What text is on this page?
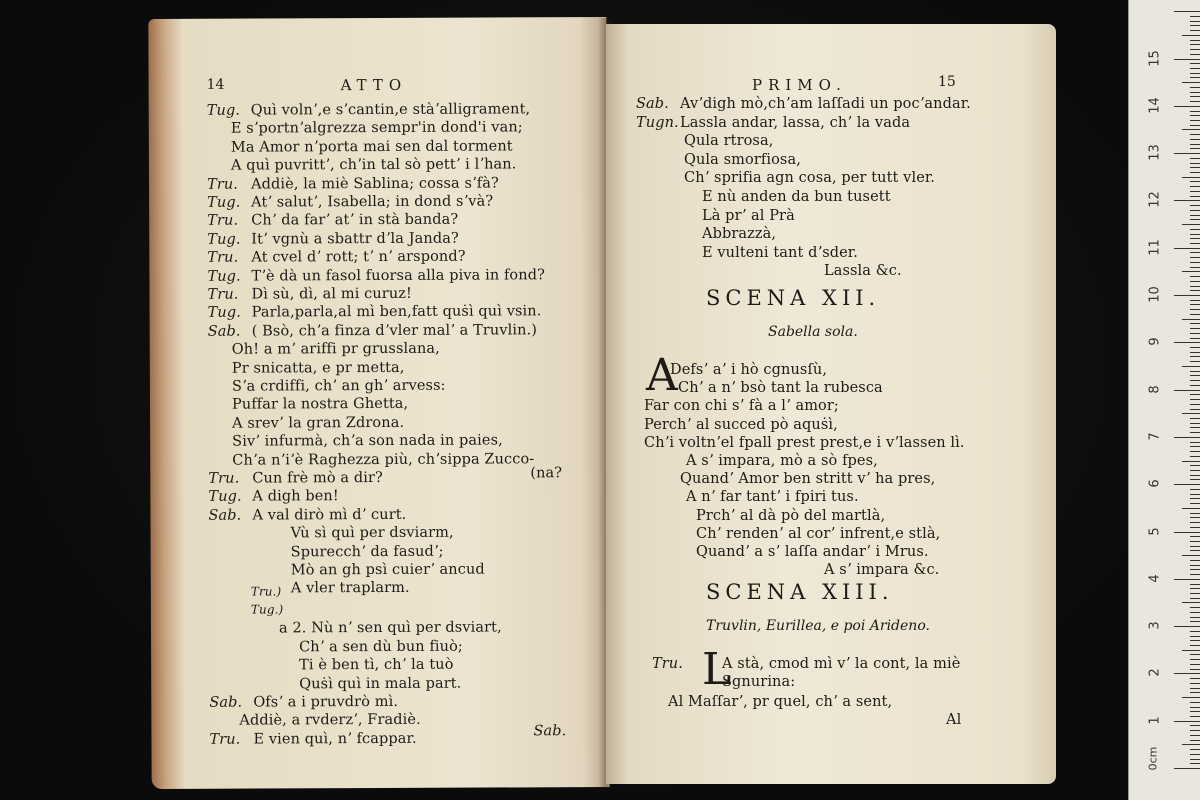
14	ATTO
Tug. Quì volnʼ,e sʼcantin,e stàʼalligrament,
E sʼportnʼalgrezza sempr'in dond'i van;
Ma Amor nʼporta mai sen dal torment
A quì puvrittʼ, chʼin tal sò pettʼ i lʼhan.
Tru. Addiè, la miè Sablina; cossa sʼfà?
Tug. Atʼ salutʼ, Isabella; in dond sʼvà?
Tru. Chʼ da farʼ atʼ in stà banda?
Tug. Itʼ vgnù a sbattr dʼla Janda?
Tru. At cvel dʼ rott; tʼ nʼ arspond?
Tug. Tʼè dà un fasol fuorsa alla piva in fond?
Tru. Dì sù, dì, al mi curuz!
Tug. Parla,parla,al mì ben,fatt quṡì quì vsin.
Sab. ( Bsò, chʼa finza dʼvler malʼ a Truvlin.)
Oh! a mʼ ariffi pr grusslana,
Pr snicatta, e pr metta,
Sʼa crdiffi, chʼ an ghʼ arvess:
Puffar la nostra Ghetta,
A srevʼ la gran Zdrona.
Sivʼ infurmà, chʼa son nada in paies,
Chʼa nʼiʼè Raghezza più, chʼsippa Zucco-
Tru. Cun frè mò a dir?
Tug. A digh ben!
Sab. A val dirò mì dʼ curt.
Vù sì quì per dsviarm,
Spurecchʼ da fasudʼ;
Mò an gh psì cuierʼ ancud
A vler traplarm.
a 2. Nù nʼ sen quì per dsviart,
Chʼ a sen dù bun fiuò;
Ti è ben tì, chʼ la tuò
Quṡì quì in mala part.
Sab. Ofsʼ a i pruvdrò mì.
Addiè, a rvderzʼ, Fradiè.
Tru. E vien quì, nʼ fcappar.
(na?
Tru.)
Tug.)
Sab.
PRIMO.	15
Sab. Avʼdigh mò,chʼam laſſadi un pocʼandar.
Tugn. Lassla andar, lassa, chʼ la vada
Qula rtrosa,
Qula smorfiosa,
Chʼ sprifia agn cosa, per tutt vler.
E nù anden da bun tusett
Là prʼ al Prà
Abbrazzà,
E vulteni tant dʼsder.
Lassla &c.
SCENA XII.
Sabella sola.
A
Defsʼ aʼ i hò cgnusſù,
Chʼ a nʼ bsò tant la rubesca
Far con chi sʼ fà a lʼ amor;
Perchʼ al succed pò aquṡì,
Chʼi voltnʼel fpall prest prest,e i vʼlassen lì.
A sʼ impara, mò a sò fpes,
Quandʼ Amor ben stritt vʼ ha pres,
A nʼ far tantʼ i fpiri tus.
Prchʼ al dà pò del martlà,
Chʼ rendenʼ al corʼ infrent,e stlà,
Quandʼ a sʼ laſſa andarʼ i Mrus.
A sʼ impara &c.
SCENA XIII.
Truvlin, Eurillea, e poi Arideno.
Tru. L
A stà, cmod mì vʼ la cont, la miè
Sgnurina:
Al Maſſarʼ, pr quel, chʼ a sent,
Al
0cm
1
2
3
4
5
6
7
8
9
10
11
12
13
14
15
